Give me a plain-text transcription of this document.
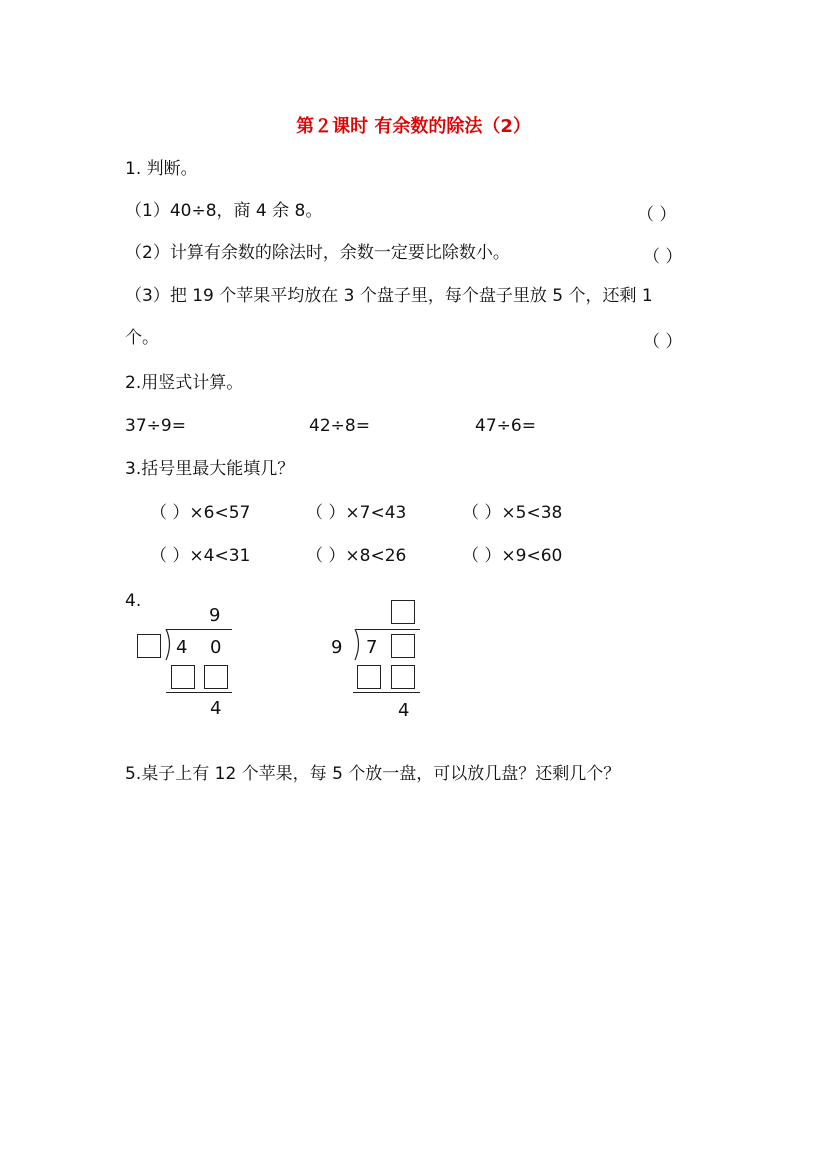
第２课时 有余数的除法（2）
1. 判断。
（1）40÷8，商 4 余 8。	（ ）
（2）计算有余数的除法时，余数一定要比除数小。	（ ）
（3）把 19 个苹果平均放在 3 个盘子里，每个盘子里放 5 个，还剩 1
个。	（ ）
2.用竖式计算。
37÷9=	42÷8=	47÷6=
3.括号里最大能填几？
（ ）×6<57	（ ）×7<43	（ ）×5<38
（ ）×4<31	（ ）×8<26	（ ）×9<60
4.
9
4 0
4
9 7
4
5.桌子上有 12 个苹果，每 5 个放一盘，可以放几盘？还剩几个？
